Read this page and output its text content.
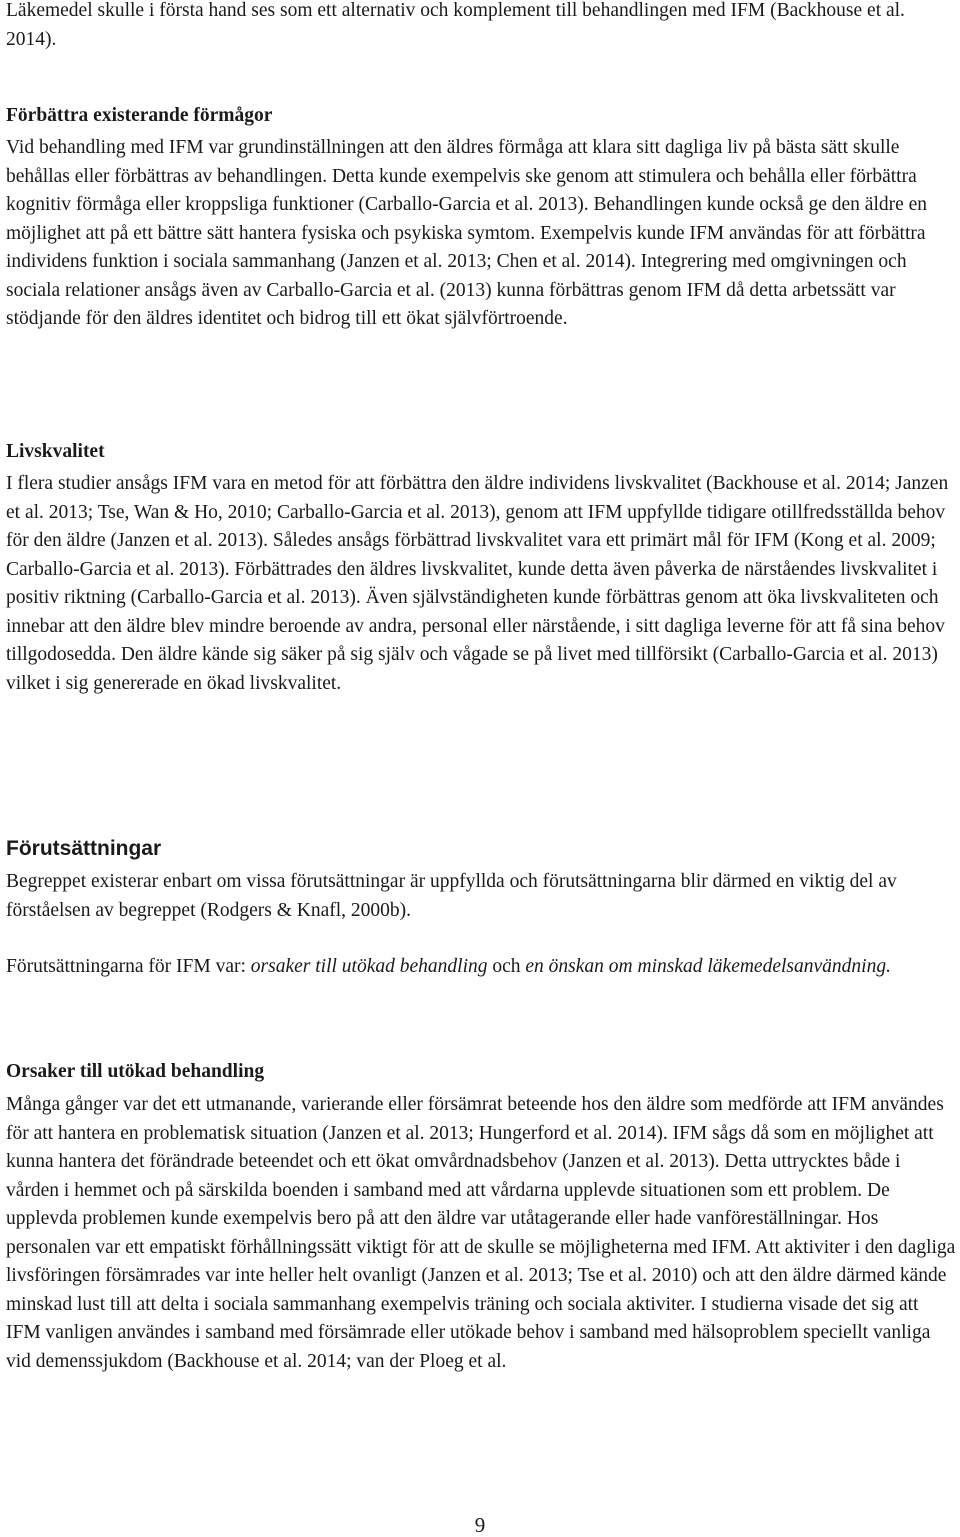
Läkemedel skulle i första hand ses som ett alternativ och komplement till behandlingen med IFM (Backhouse et al. 2014).

Förbättra existerande förmågor

Vid behandling med IFM var grundinställningen att den äldres förmåga att klara sitt dagliga liv på bästa sätt skulle behållas eller förbättras av behandlingen. Detta kunde exempelvis ske genom att stimulera och behålla eller förbättra kognitiv förmåga eller kroppsliga funktioner (Carballo-Garcia et al. 2013). Behandlingen kunde också ge den äldre en möjlighet att på ett bättre sätt hantera fysiska och psykiska symtom. Exempelvis kunde IFM användas för att förbättra individens funktion i sociala sammanhang (Janzen et al. 2013; Chen et al. 2014). Integrering med omgivningen och sociala relationer ansågs även av Carballo-Garcia et al. (2013) kunna förbättras genom IFM då detta arbetssätt var stödjande för den äldres identitet och bidrog till ett ökat självförtroende.

Livskvalitet

I flera studier ansågs IFM vara en metod för att förbättra den äldre individens livskvalitet (Backhouse et al. 2014; Janzen et al. 2013; Tse, Wan & Ho, 2010; Carballo-Garcia et al. 2013), genom att IFM uppfyllde tidigare otillfredsställda behov för den äldre (Janzen et al. 2013). Således ansågs förbättrad livskvalitet vara ett primärt mål för IFM (Kong et al. 2009; Carballo-Garcia et al. 2013). Förbättrades den äldres livskvalitet, kunde detta även påverka de närståendes livskvalitet i positiv riktning (Carballo-Garcia et al. 2013). Även självständigheten kunde förbättras genom att öka livskvaliteten och innebar att den äldre blev mindre beroende av andra, personal eller närstående, i sitt dagliga leverne för att få sina behov tillgodosedda. Den äldre kände sig säker på sig själv och vågade se på livet med tillförsikt (Carballo-Garcia et al. 2013) vilket i sig genererade en ökad livskvalitet.

Förutsättningar

Begreppet existerar enbart om vissa förutsättningar är uppfyllda och förutsättningarna blir därmed en viktig del av förståelsen av begreppet (Rodgers & Knafl, 2000b).

Förutsättningarna för IFM var: orsaker till utökad behandling och en önskan om minskad läkemedelsanvändning.

Orsaker till utökad behandling

Många gånger var det ett utmanande, varierande eller försämrat beteende hos den äldre som medförde att IFM användes för att hantera en problematisk situation (Janzen et al. 2013; Hungerford et al. 2014). IFM sågs då som en möjlighet att kunna hantera det förändrade beteendet och ett ökat omvårdnadsbehov (Janzen et al. 2013). Detta uttrycktes både i vården i hemmet och på särskilda boenden i samband med att vårdarna upplevde situationen som ett problem. De upplevda problemen kunde exempelvis bero på att den äldre var utåtagerande eller hade vanföreställningar. Hos personalen var ett empatiskt förhållningssätt viktigt för att de skulle se möjligheterna med IFM. Att aktiviter i den dagliga livsföringen försämrades var inte heller helt ovanligt (Janzen et al. 2013; Tse et al. 2010) och att den äldre därmed kände minskad lust till att delta i sociala sammanhang exempelvis träning och sociala aktiviter. I studierna visade det sig att IFM vanligen användes i samband med försämrade eller utökade behov i samband med hälsoproblem speciellt vanliga vid demenssjukdom (Backhouse et al. 2014; van der Ploeg et al.

9
